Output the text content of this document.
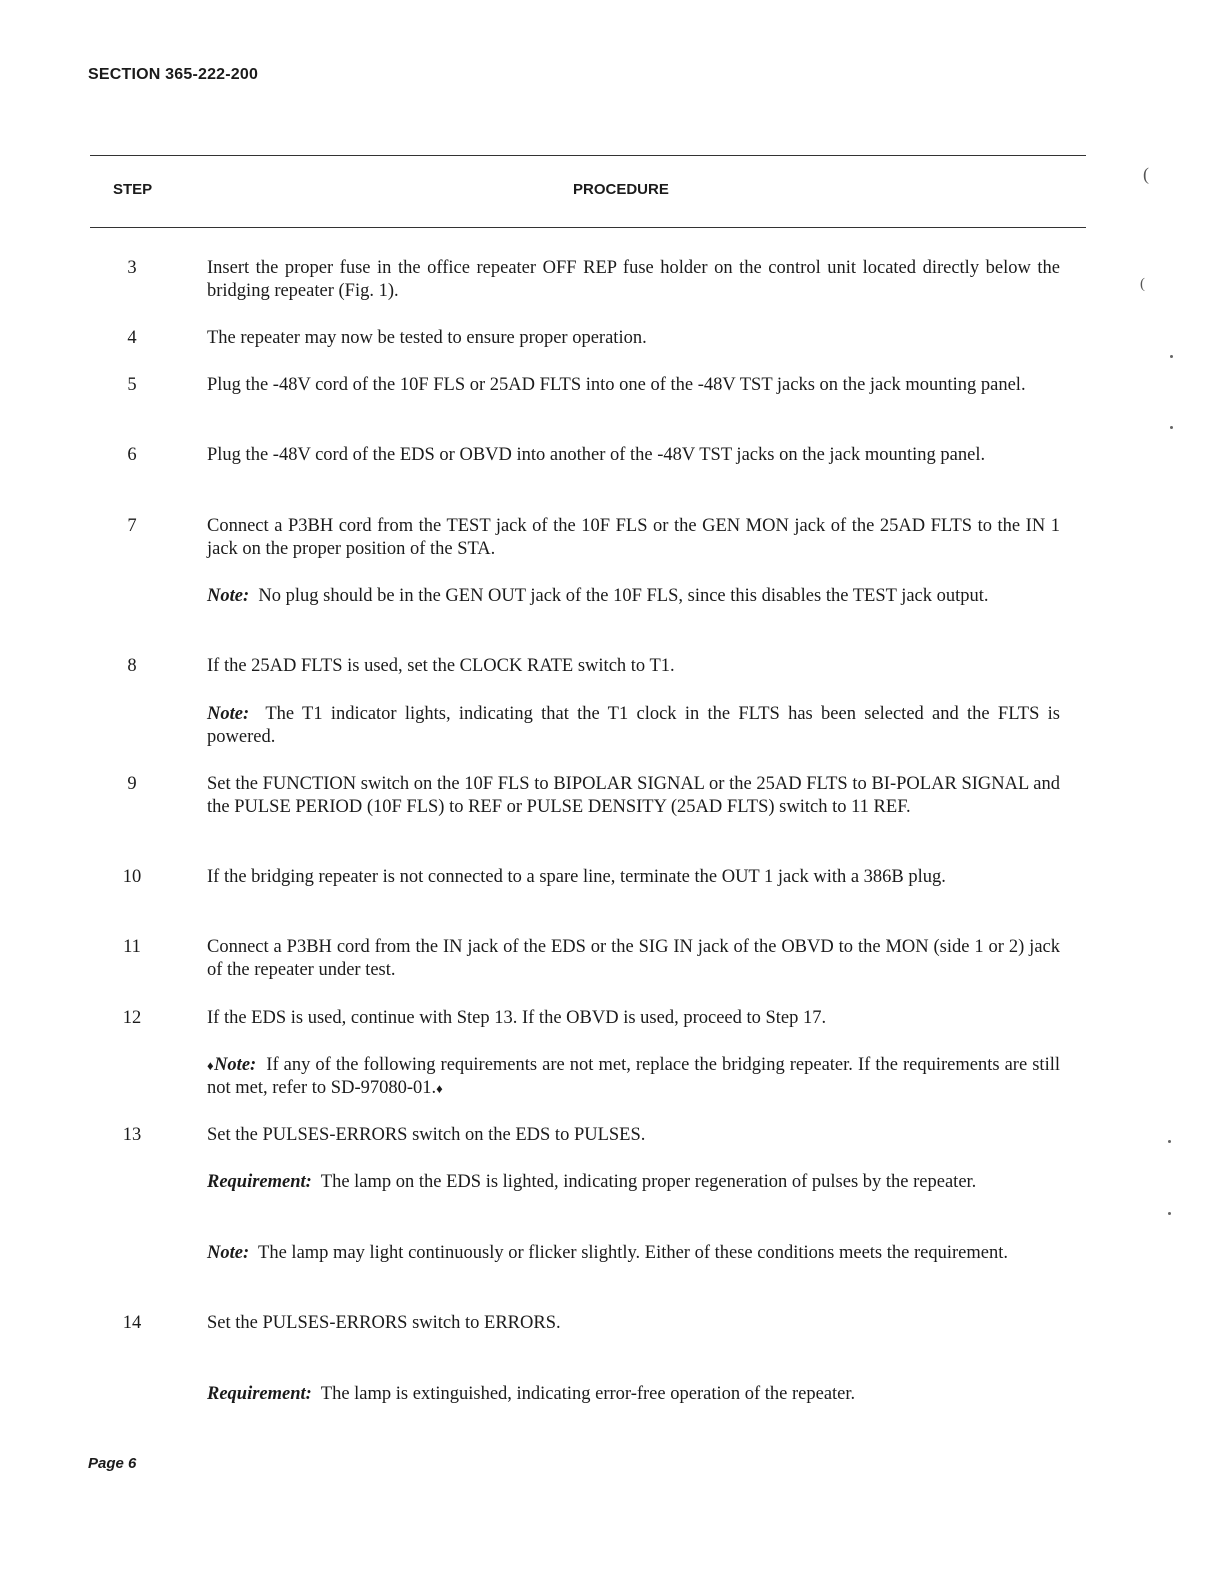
SECTION 365-222-200
STEP	PROCEDURE
(
(
3	Insert the proper fuse in the office repeater OFF REP fuse holder on the control unit located directly below the bridging repeater (Fig. 1).
4	The repeater may now be tested to ensure proper operation.
5	Plug the -48V cord of the 10F FLS or 25AD FLTS into one of the -48V TST jacks on the jack mounting panel.
6	Plug the -48V cord of the EDS or OBVD into another of the -48V TST jacks on the jack mounting panel.
7	Connect a P3BH cord from the TEST jack of the 10F FLS or the GEN MON jack of the 25AD FLTS to the IN 1 jack on the proper position of the STA.
Note: No plug should be in the GEN OUT jack of the 10F FLS, since this disables the TEST jack output.
8	If the 25AD FLTS is used, set the CLOCK RATE switch to T1.
Note: The T1 indicator lights, indicating that the T1 clock in the FLTS has been selected and the FLTS is powered.
9	Set the FUNCTION switch on the 10F FLS to BIPOLAR SIGNAL or the 25AD FLTS to BI-POLAR SIGNAL and the PULSE PERIOD (10F FLS) to REF or PULSE DENSITY (25AD FLTS) switch to 11 REF.
10	If the bridging repeater is not connected to a spare line, terminate the OUT 1 jack with a 386B plug.
11	Connect a P3BH cord from the IN jack of the EDS or the SIG IN jack of the OBVD to the MON (side 1 or 2) jack of the repeater under test.
12	If the EDS is used, continue with Step 13. If the OBVD is used, proceed to Step 17.
♦Note: If any of the following requirements are not met, replace the bridging repeater. If the requirements are still not met, refer to SD-97080-01.♦
13	Set the PULSES-ERRORS switch on the EDS to PULSES.
Requirement: The lamp on the EDS is lighted, indicating proper regeneration of pulses by the repeater.
Note: The lamp may light continuously or flicker slightly. Either of these conditions meets the requirement.
14	Set the PULSES-ERRORS switch to ERRORS.
Requirement: The lamp is extinguished, indicating error-free operation of the repeater.
Page 6
